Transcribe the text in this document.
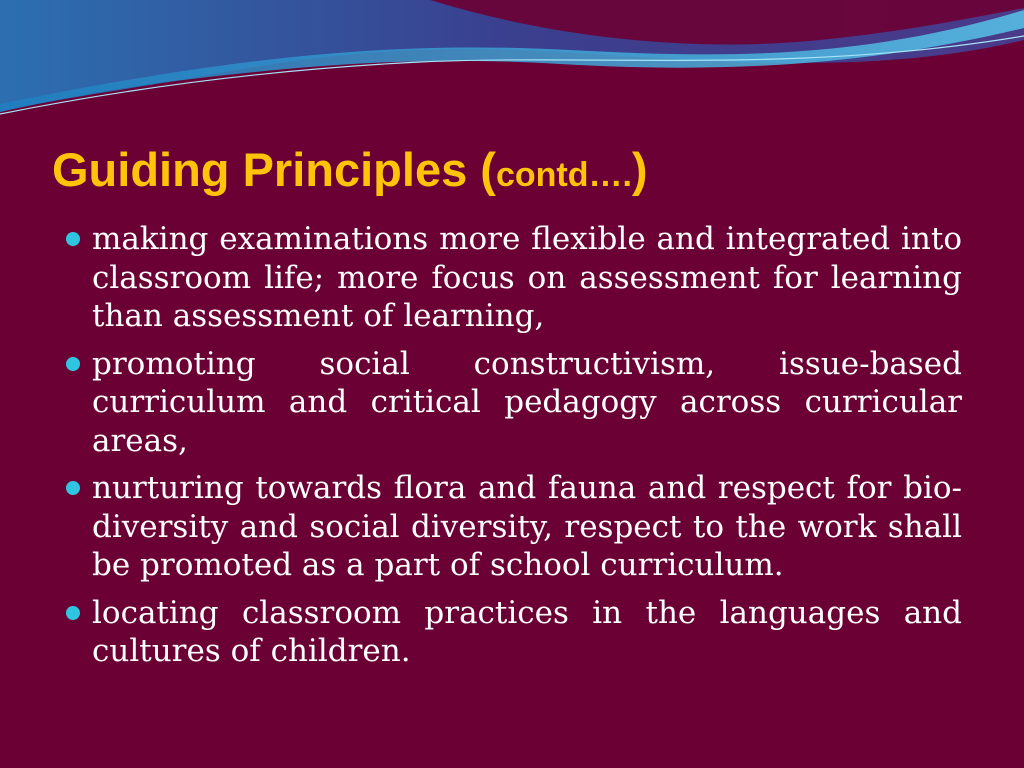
Guiding Principles (contd….)
making examinations more flexible and integrated into classroom life; more focus on assessment for learning than assessment of learning,
promoting social constructivism, issue-based curriculum and critical pedagogy across curricular areas,
nurturing towards flora and fauna and respect for bio-diversity and social diversity, respect to the work shall be promoted as a part of school curriculum.
locating classroom practices in the languages and cultures of children.
